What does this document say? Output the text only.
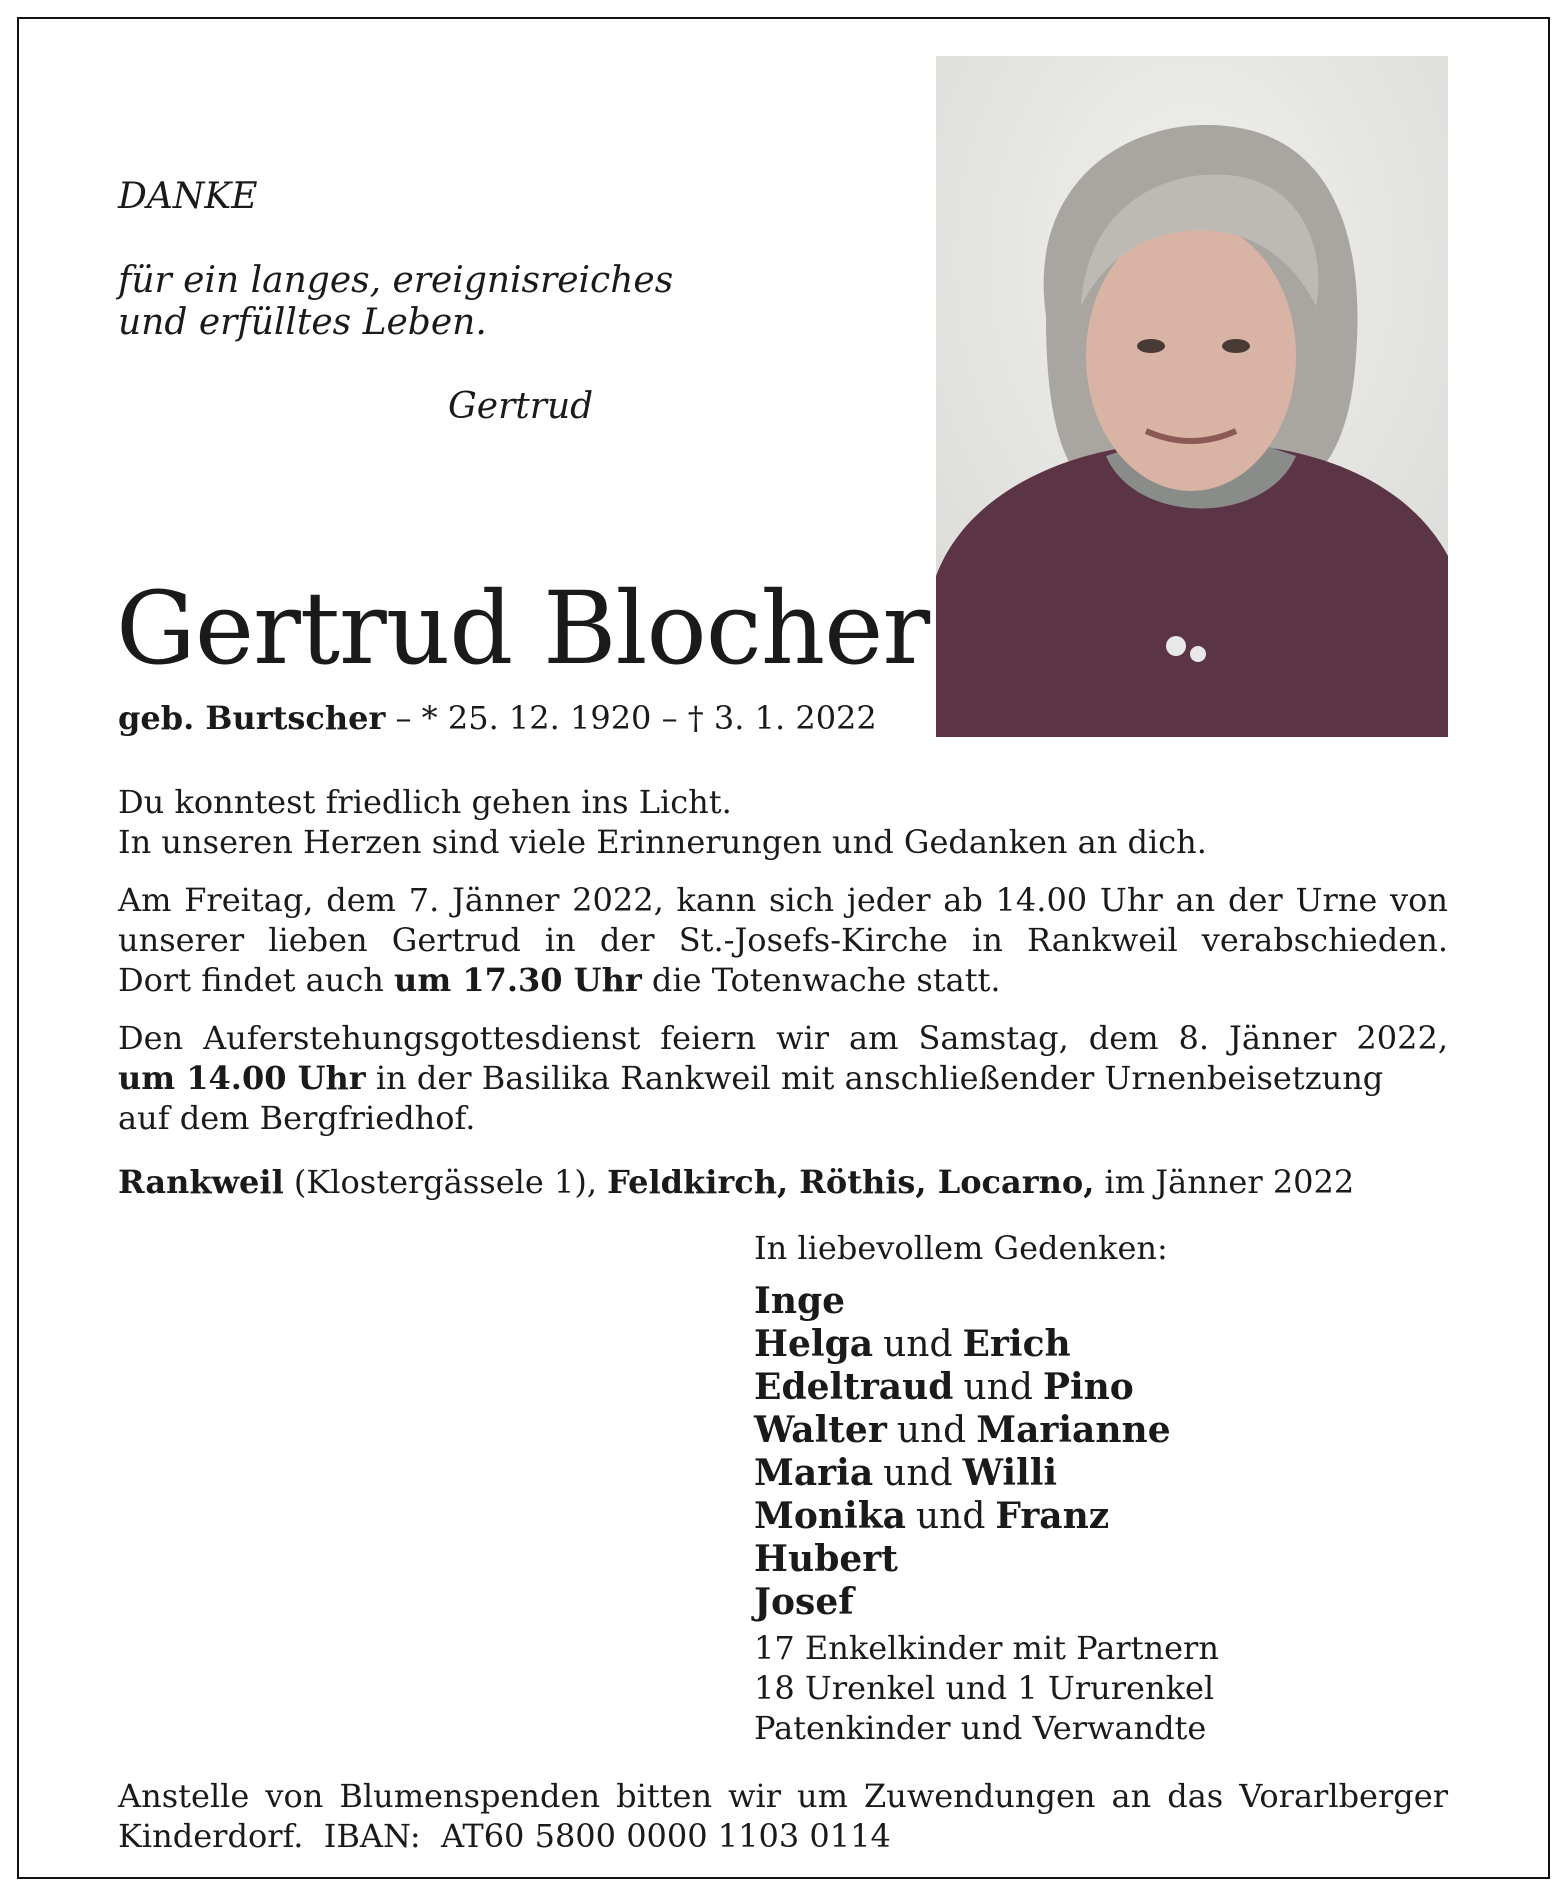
DANKE
für ein langes, ereignisreiches
und erfülltes Leben.
Gertrud
Gertrud Blocher
geb. Burtscher – * 25. 12. 1920 – † 3. 1. 2022
Du konntest friedlich gehen ins Licht.
In unseren Herzen sind viele Erinnerungen und Gedanken an dich.
Am Freitag, dem 7. Jänner 2022, kann sich jeder ab 14.00 Uhr an der Urne von
unserer lieben Gertrud in der St.-Josefs-Kirche in Rankweil verabschieden.
Dort findet auch um 17.30 Uhr die Totenwache statt.
Den Auferstehungsgottesdienst feiern wir am Samstag, dem 8. Jänner 2022,
um 14.00 Uhr in der Basilika Rankweil mit anschließender Urnenbeisetzung
auf dem Bergfriedhof.
Rankweil (Klostergässele 1), Feldkirch, Röthis, Locarno, im Jänner 2022
In liebevollem Gedenken:
Inge
Helga und Erich
Edeltraud und Pino
Walter und Marianne
Maria und Willi
Monika und Franz
Hubert
Josef
17 Enkelkinder mit Partnern
18 Urenkel und 1 Ururenkel
Patenkinder und Verwandte
Anstelle von Blumenspenden bitten wir um Zuwendungen an das Vorarlberger
Kinderdorf.  IBAN:  AT60 5800 0000 1103 0114
